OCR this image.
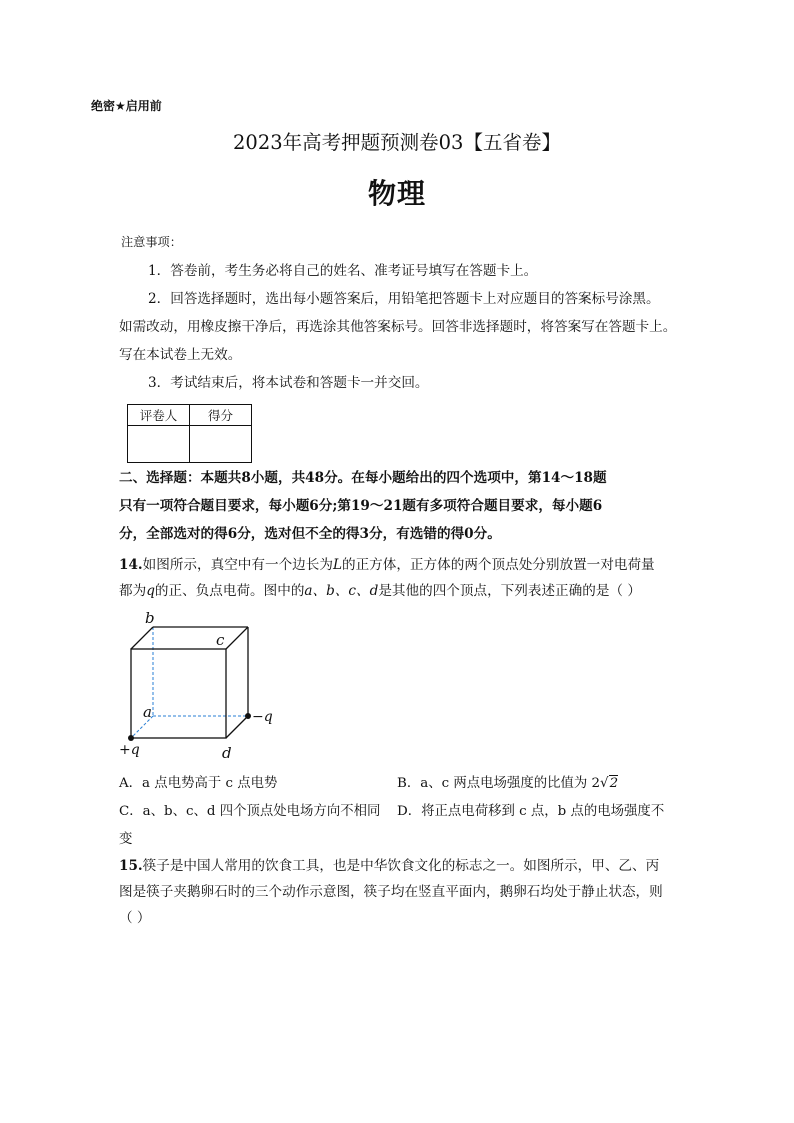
绝密★启用前
2023年高考押题预测卷03【五省卷】
物理
注意事项：
1．答卷前，考生务必将自己的姓名、准考证号填写在答题卡上。
2．回答选择题时，选出每小题答案后，用铅笔把答题卡上对应题目的答案标号涂黑。
如需改动，用橡皮擦干净后，再选涂其他答案标号。回答非选择题时，将答案写在答题卡上。
写在本试卷上无效。
3．考试结束后，将本试卷和答题卡一并交回。
评卷人	得分

二、选择题：本题共8小题，共48分。在每小题给出的四个选项中，第14～18题
只有一项符合题目要求，每小题6分;第19～21题有多项符合题目要求，每小题6
分，全部选对的得6分，选对但不全的得3分，有选错的得0分。
14.如图所示，真空中有一个边长为L的正方体，正方体的两个顶点处分别放置一对电荷量
都为q的正、负点电荷。图中的a、b、c、d是其他的四个顶点，下列表述正确的是（ ）
b
c
a
d
−q
+q
A．a 点电势高于 c 点电势	B．a、c 两点电场强度的比值为 2√2
C．a、b、c、d 四个顶点处电场方向不相同 D．将正点电荷移到 c 点，b 点的电场强度不
变
15.筷子是中国人常用的饮食工具，也是中华饮食文化的标志之一。如图所示，甲、乙、丙
图是筷子夹鹅卵石时的三个动作示意图，筷子均在竖直平面内，鹅卵石均处于静止状态，则
（ ）
